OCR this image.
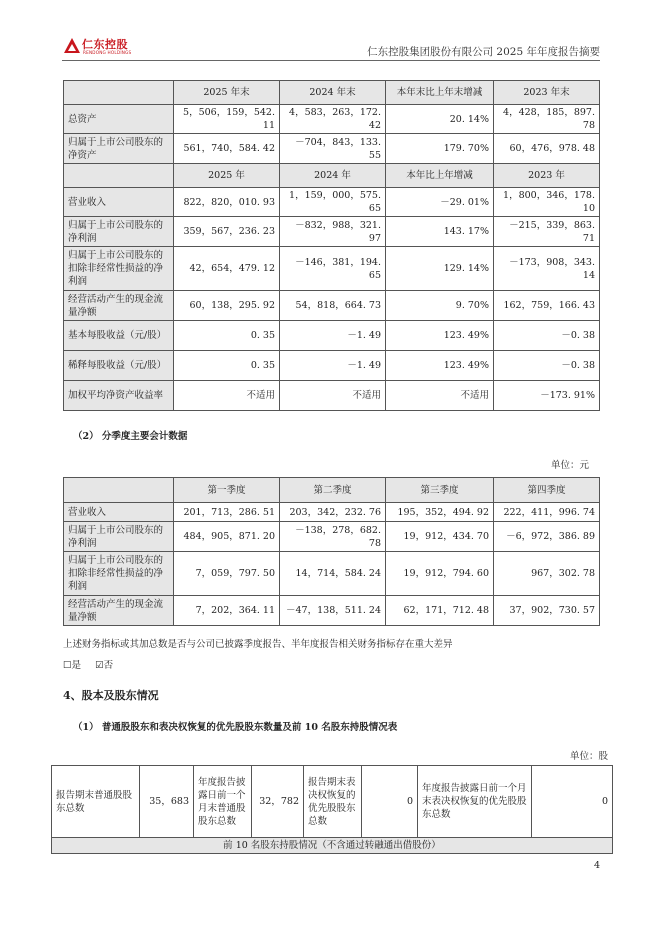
仁东控股
RENDONG HOLDINGS	仁东控股集团股份有限公司 2025 年年度报告摘要
	2025 年末	2024 年末	本年末比上年末增减	2023 年末
总资产	5，506，159，542. 11	4，583，263，172. 42	20. 14%	4，428，185，897. 78
归属于上市公司股东的净资产	561，740，584. 42	－704，843，133. 55	179. 70%	60，476，978. 48
	2025 年	2024 年	本年比上年增减	2023 年
营业收入	822，820，010. 93	1，159，000，575. 65	－29. 01%	1，800，346，178. 10
归属于上市公司股东的净利润	359，567，236. 23	－832，988，321. 97	143. 17%	－215，339，863. 71
归属于上市公司股东的扣除非经常性损益的净利润	42，654，479. 12	－146，381，194. 65	129. 14%	－173，908，343. 14
经营活动产生的现金流量净额	60，138，295. 92	54，818，664. 73	9. 70%	162，759，166. 43
基本每股收益（元/股）	0. 35	－1. 49	123. 49%	－0. 38
稀释每股收益（元/股）	0. 35	－1. 49	123. 49%	－0. 38
加权平均净资产收益率	不适用	不适用	不适用	－173. 91%
（2） 分季度主要会计数据
单位：元
	第一季度	第二季度	第三季度	第四季度
营业收入	201，713，286. 51	203，342，232. 76	195，352，494. 92	222，411，996. 74
归属于上市公司股东的净利润	484，905，871. 20	－138，278，682. 78	19，912，434. 70	－6，972，386. 89
归属于上市公司股东的扣除非经常性损益的净利润	7，059，797. 50	14，714，584. 24	19，912，794. 60	967，302. 78
经营活动产生的现金流量净额	7，202，364. 11	－47，138，511. 24	62，171，712. 48	37，902，730. 57
上述财务指标或其加总数是否与公司已披露季度报告、半年度报告相关财务指标存在重大差异
☐是 ☑否
4、股本及股东情况
（1） 普通股股东和表决权恢复的优先股股东数量及前 10 名股东持股情况表
单位：股
报告期末普通股股东总数	35，683	年度报告披露日前一个月末普通股股东总数	32，782	报告期末表决权恢复的优先股股东总数	0	年度报告披露日前一个月末表决权恢复的优先股股东总数	0
前 10 名股东持股情况（不含通过转融通出借股份）
4
